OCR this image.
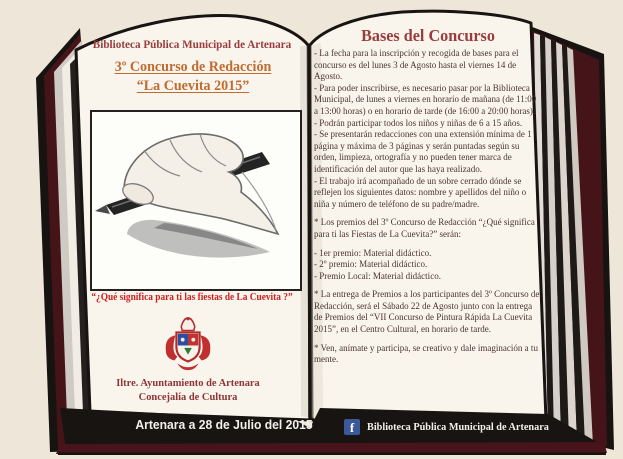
Biblioteca Pública Municipal de Artenara
3º Concurso de Redacción
“La Cuevita 2015”
“¿Qué significa para ti las fiestas de La Cuevita ?”
Iltre. Ayuntamiento de Artenara
Concejalía de Cultura
Bases del Concurso

- La fecha para la inscripción y recogida de bases para el concurso es del lunes 3 de Agosto hasta el viernes 14 de Agosto.

- Para poder inscribirse, es necesario pasar por la Biblioteca Municipal, de lunes a viernes en horario de mañana (de 11:00 a 13:00 horas) o en horario de tarde (de 16:00 a 20:00 horas).

- Podrán participar todos los niños y niñas de 6 a 15 años.

- Se presentarán redacciones con una extensión mínima de 1 página y máxima de 3 páginas y serán puntadas según su orden, limpieza, ortografía y no pueden tener marca de identificación del autor que las haya realizado.

- El trabajo irá acompañado de un sobre cerrado dónde se reflejen los siguientes datos: nombre y apellidos del niño o niña y número de teléfono de su padre/madre.

* Los premios del 3º Concurso de Redacción “¿Qué significa para ti las Fiestas de La Cuevita?” serán:

- 1er premio: Material didáctico.

- 2º premio: Material didáctico.

- Premio Local: Material didáctico.

* La entrega de Premios a los participantes del 3º Concurso de Redacción, será el Sábado 22 de Agosto junto con la entrega de Premios del “VII Concurso de Pintura Rápida La Cuevita 2015”, en el Centro Cultural, en horario de tarde.

* Ven, anímate y participa, se creativo y dale imaginación a tu mente.

Artenara a 28 de Julio del 2015	f	Biblioteca Pública Municipal de Artenara
